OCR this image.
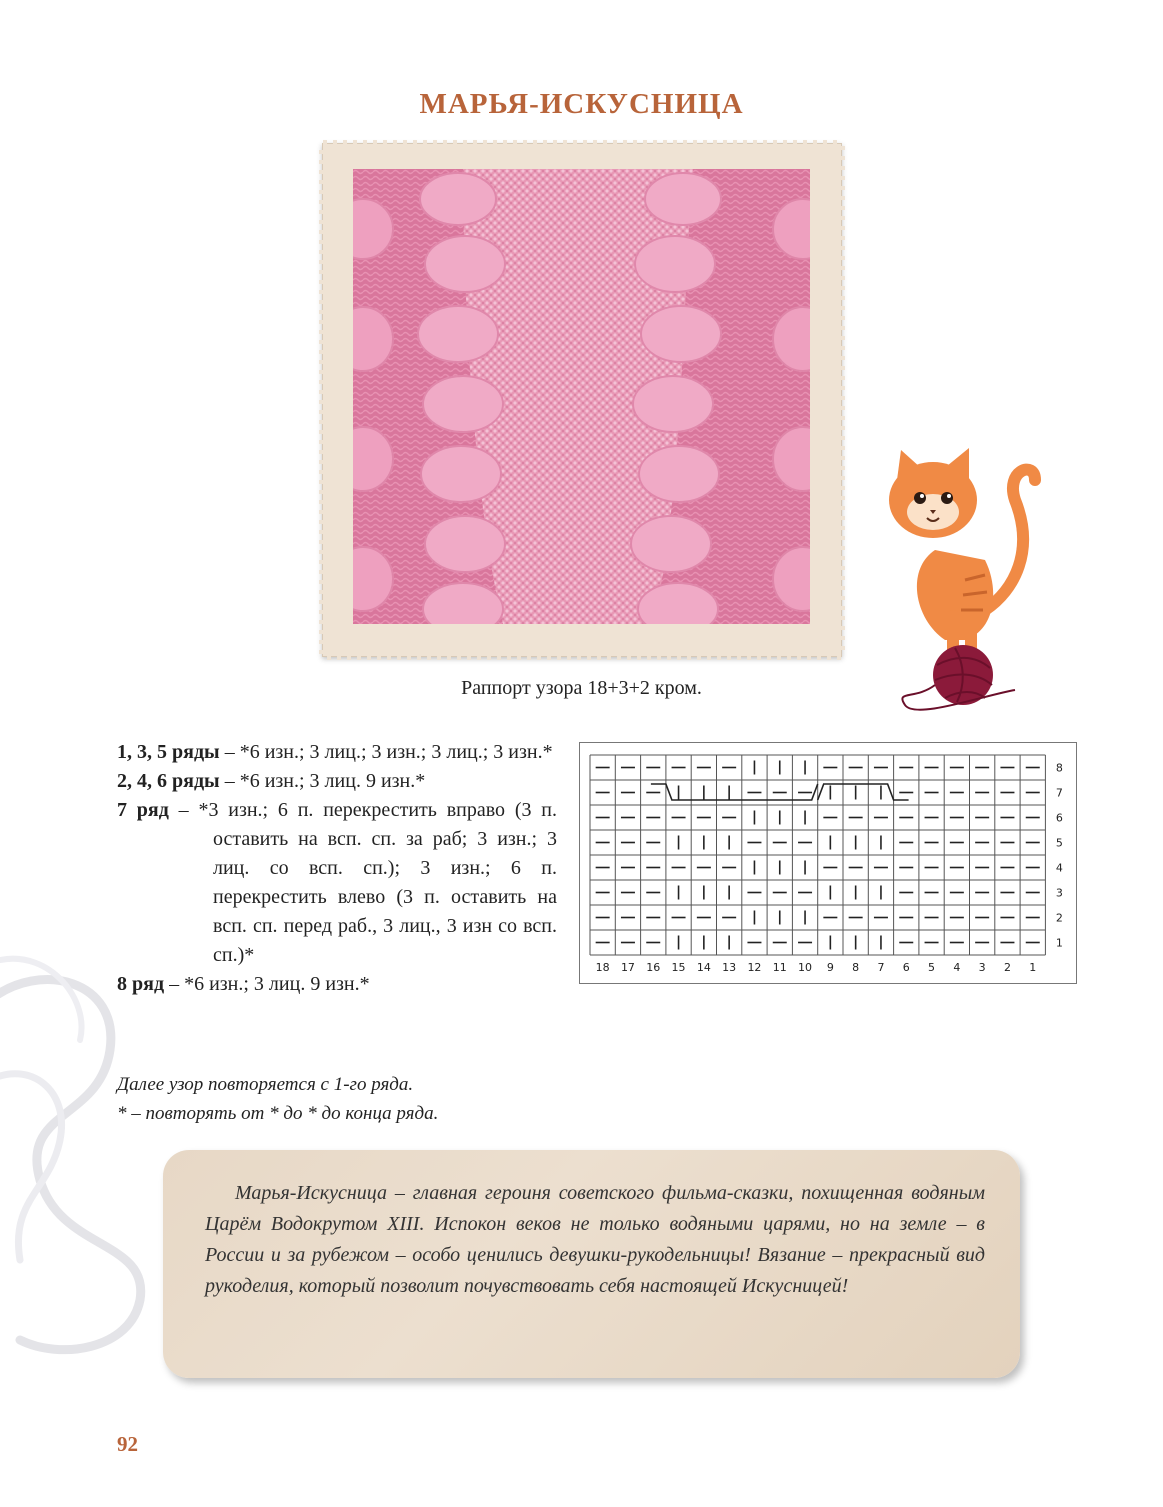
МАРЬЯ-ИСКУСНИЦА
Раппорт узора 18+3+2 кром.
1, 3, 5 ряды – *6 изн.; 3 лиц.; 3 изн.; 3 лиц.; 3 изн.*
2, 4, 6 ряды – *6 изн.; 3 лиц. 9 изн.*
7 ряд – *3 изн.; 6 п. перекрестить вправо (3 п. оставить на всп. сп. за раб; 3 изн.; 3 лиц. со всп. сп.); 3 изн.; 6 п. перекрестить влево (3 п. оставить на всп. сп. перед раб., 3 лиц., 3 изн со всп. сп.)*
8 ряд – *6 изн.; 3 лиц. 9 изн.*
18 17 16 15 14 13 12 11 10 9 8 7 6 5 4 3 2 1
8
7
6
5
4
3
2
1
Далее узор повторяется с 1-го ряда.
* – повторять от * до * до конца ряда.
Марья-Искусница – главная героиня советского фильма-сказки, похищенная водяным Царём Водокрутом XIII. Испокон веков не только водяными царями, но на земле – в России и за рубежом – особо ценились девушки-рукодельницы! Вязание – прекрасный вид рукоделия, который позволит почувствовать себя настоящей Искусницей!
92
